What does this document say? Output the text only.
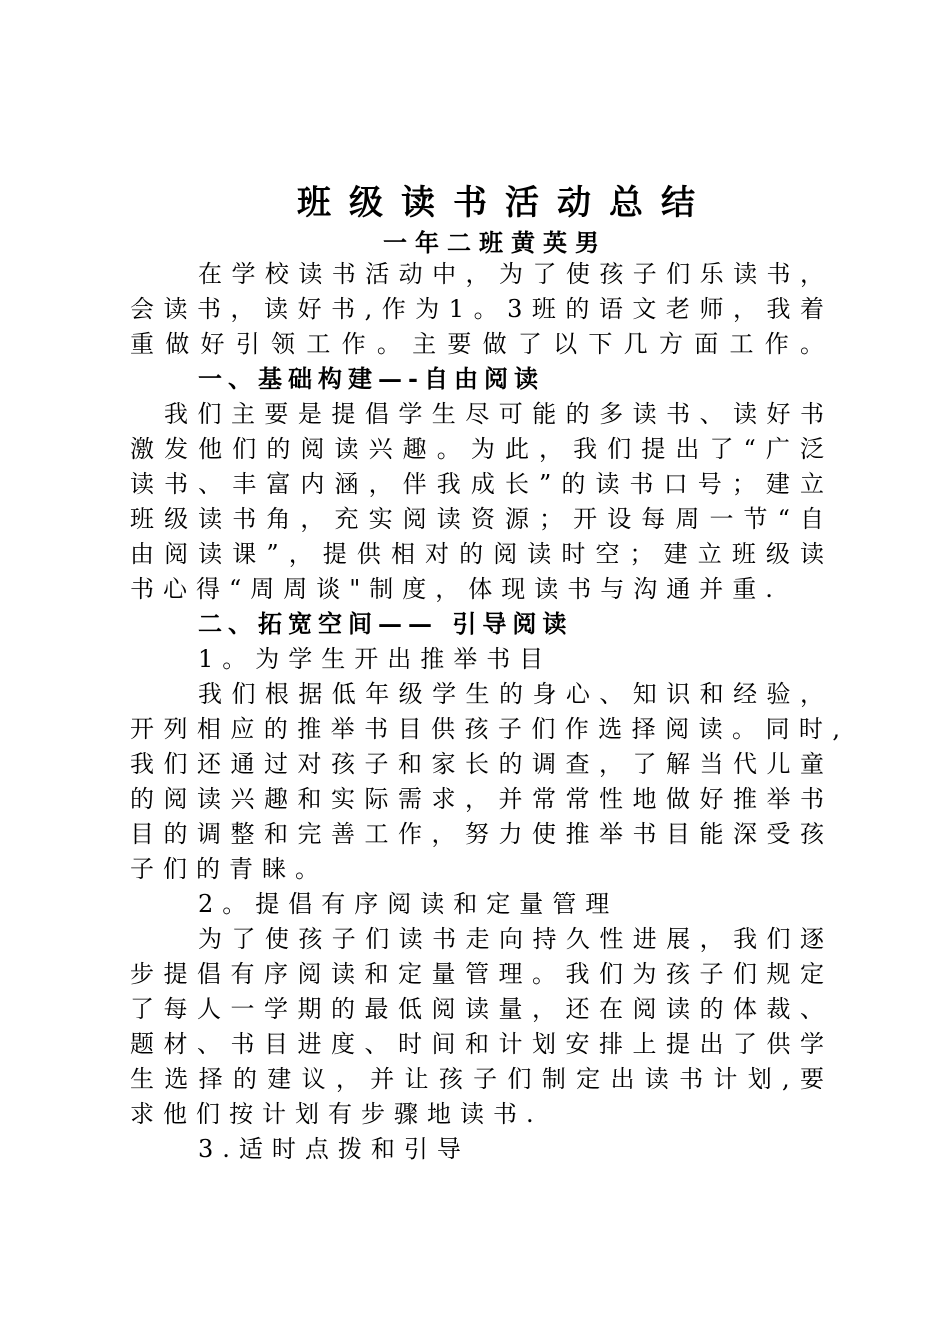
班级读书活动总结
一年二班黄英男
在学校读书活动中，为了使孩子们乐读书，
会读书，读好书,作为1。3班的语文老师，我着
重做好引领工作。主要做了以下几方面工作。
一、基础构建—-自由阅读
我们主要是提倡学生尽可能的多读书、读好书
激发他们的阅读兴趣。为此，我们提出了“广泛
读书、丰富内涵，伴我成长”的读书口号；建立
班级读书角，充实阅读资源；开设每周一节“自
由阅读课”，提供相对的阅读时空；建立班级读
书心得“周周谈"制度，体现读书与沟通并重.
二、拓宽空间—— 引导阅读
1。为学生开出推举书目
我们根据低年级学生的身心、知识和经验，
开列相应的推举书目供孩子们作选择阅读。同时,
我们还通过对孩子和家长的调查，了解当代儿童
的阅读兴趣和实际需求，并常常性地做好推举书
目的调整和完善工作，努力使推举书目能深受孩
子们的青睐。
2。提倡有序阅读和定量管理
为了使孩子们读书走向持久性进展，我们逐
步提倡有序阅读和定量管理。我们为孩子们规定
了每人一学期的最低阅读量，还在阅读的体裁、
题材、书目进度、时间和计划安排上提出了供学
生选择的建议，并让孩子们制定出读书计划,要
求他们按计划有步骤地读书.
3.适时点拨和引导
